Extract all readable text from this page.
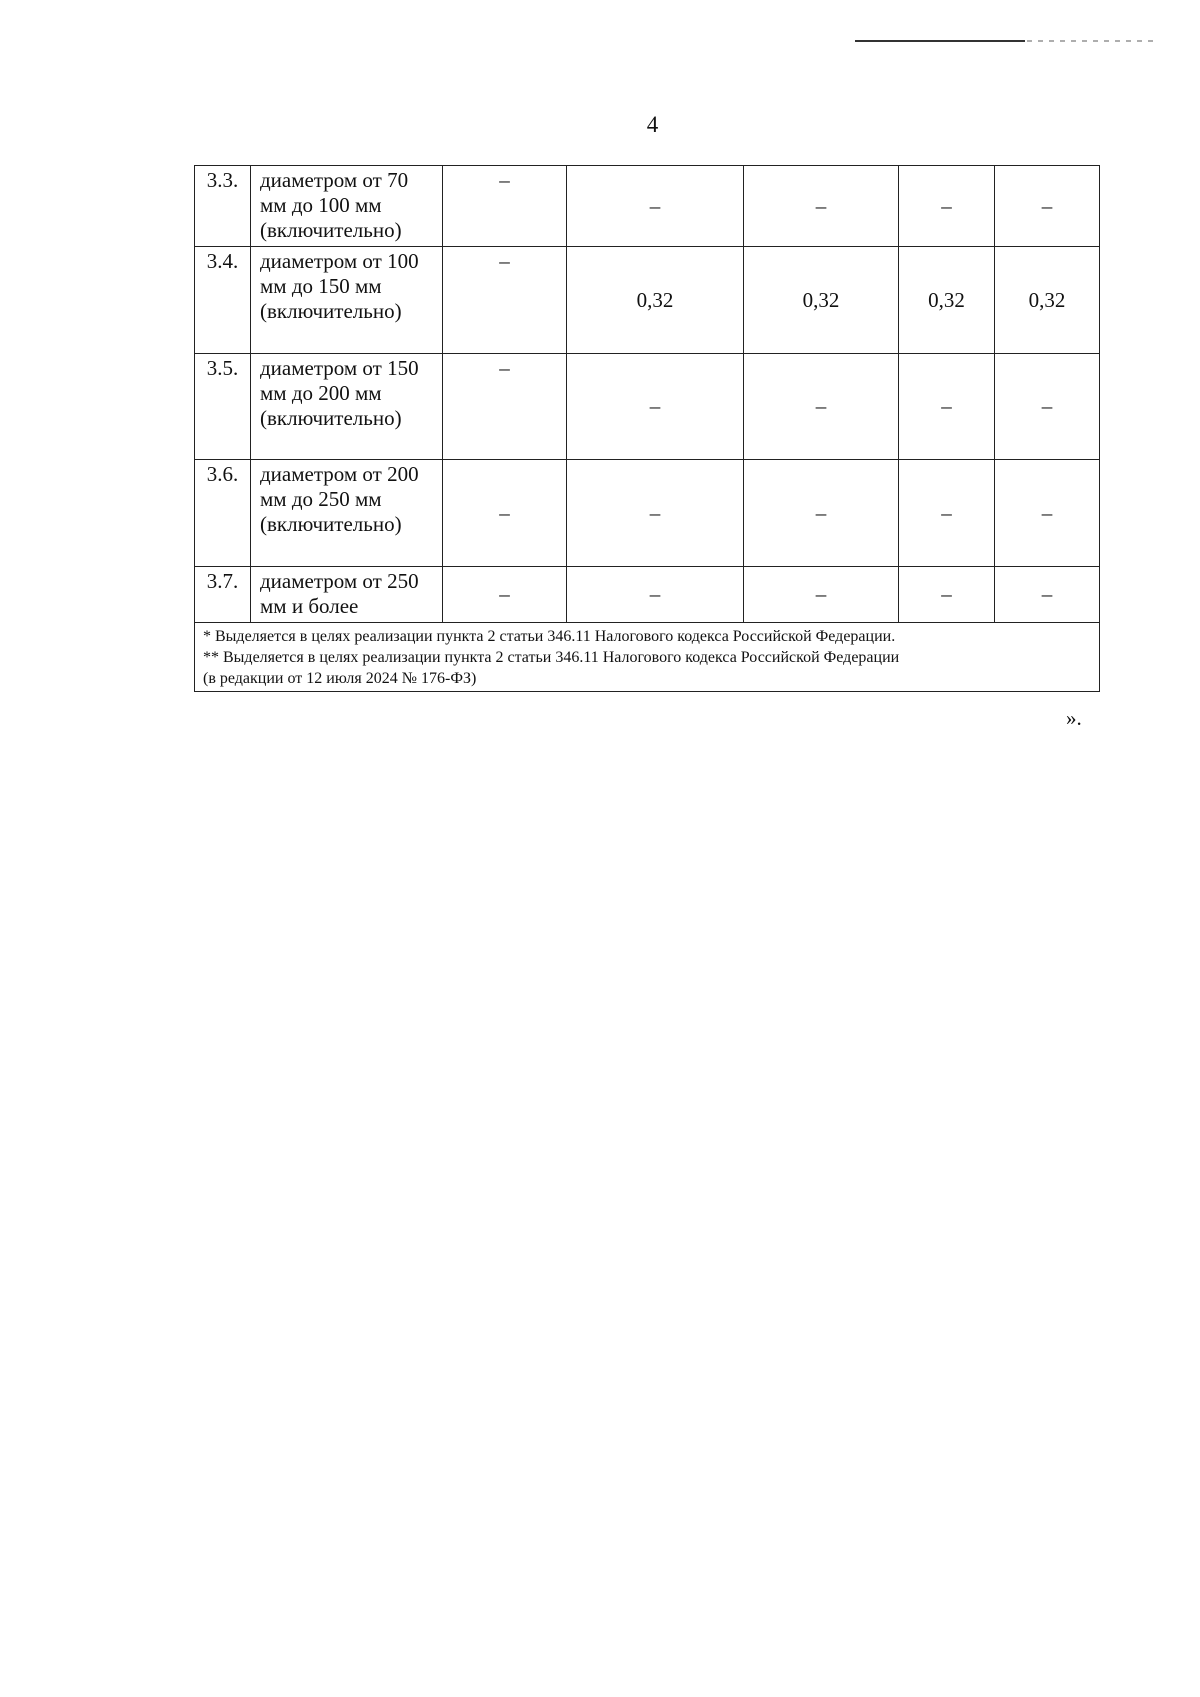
4
3.3.	диаметром от 70 мм до 100 мм (включительно)	–	–	–	–	–
3.4.	диаметром от 100 мм до 150 мм (включительно)	–	0,32	0,32	0,32	0,32
3.5.	диаметром от 150 мм до 200 мм (включительно)	–	–	–	–	–
3.6.	диаметром от 200 мм до 250 мм (включительно)	–	–	–	–	–
3.7.	диаметром от 250 мм и более	–	–	–	–	–

* Выделяется в целях реализации пункта 2 статьи 346.11 Налогового кодекса Российской Федерации.
** Выделяется в целях реализации пункта 2 статьи 346.11 Налогового кодекса Российской Федерации
(в редакции от 12 июля 2024 № 176-ФЗ)						
».
